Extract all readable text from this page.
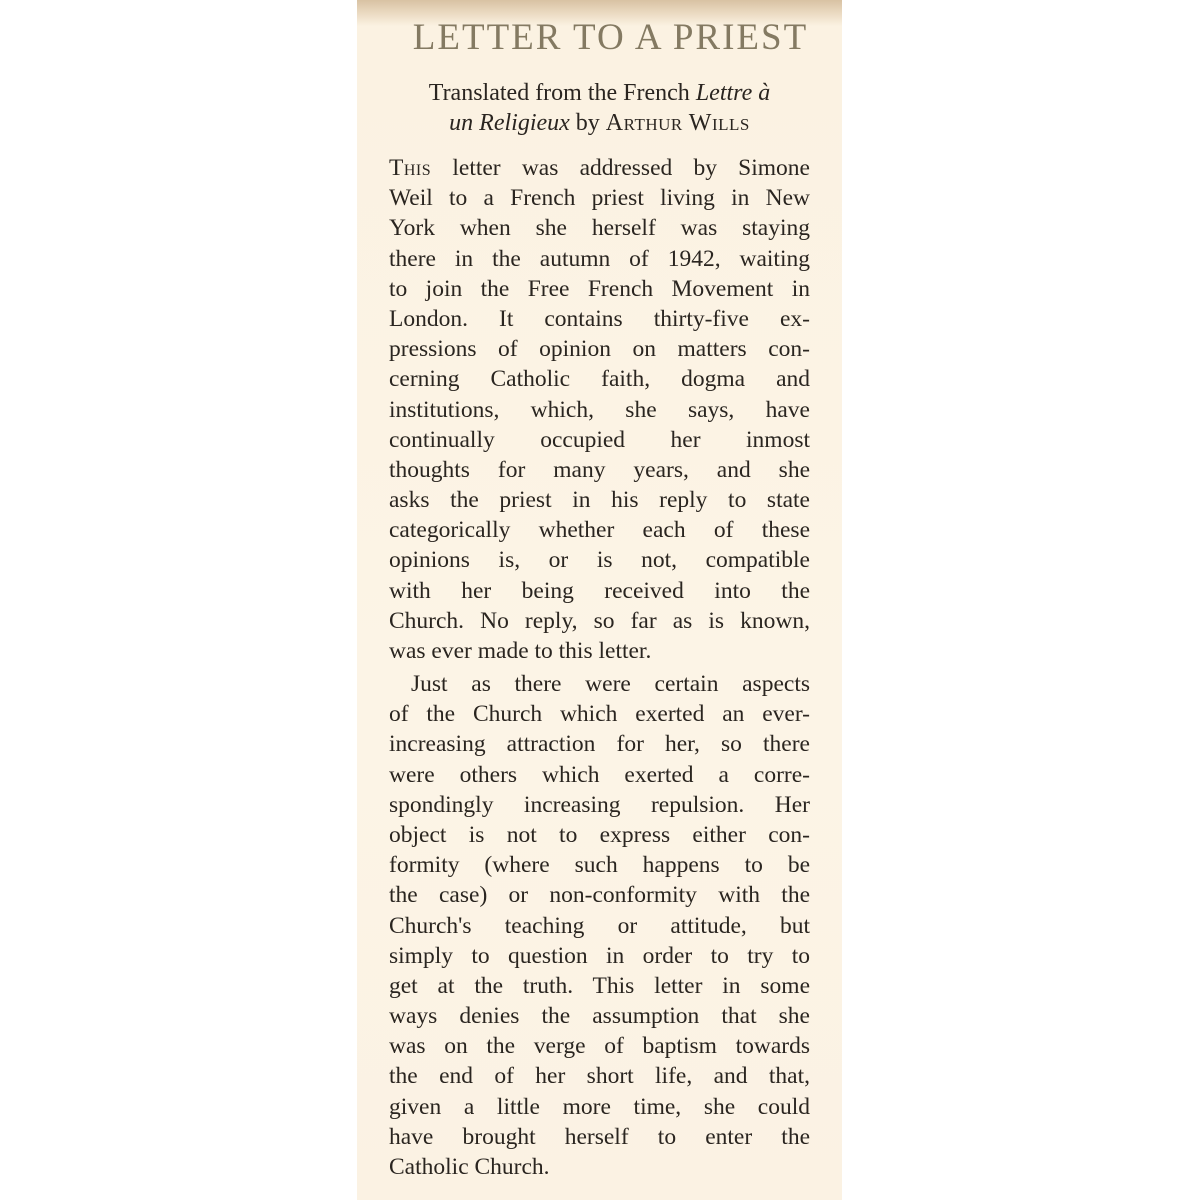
LETTER TO A PRIEST
Translated from the French Lettre à
un Religieux by Arthur Wills
This letter was addressed by Simone
Weil to a French priest living in New
York when she herself was staying
there in the autumn of 1942, waiting
to join the Free French Movement in
London. It contains thirty-five ex-
pressions of opinion on matters con-
cerning Catholic faith, dogma and
institutions, which, she says, have
continually occupied her inmost
thoughts for many years, and she
asks the priest in his reply to state
categorically whether each of these
opinions is, or is not, compatible
with her being received into the
Church. No reply, so far as is known,
was ever made to this letter.
Just as there were certain aspects
of the Church which exerted an ever-
increasing attraction for her, so there
were others which exerted a corre-
spondingly increasing repulsion. Her
object is not to express either con-
formity (where such happens to be
the case) or non-conformity with the
Church's teaching or attitude, but
simply to question in order to try to
get at the truth. This letter in some
ways denies the assumption that she
was on the verge of baptism towards
the end of her short life, and that,
given a little more time, she could
have brought herself to enter the
Catholic Church.
